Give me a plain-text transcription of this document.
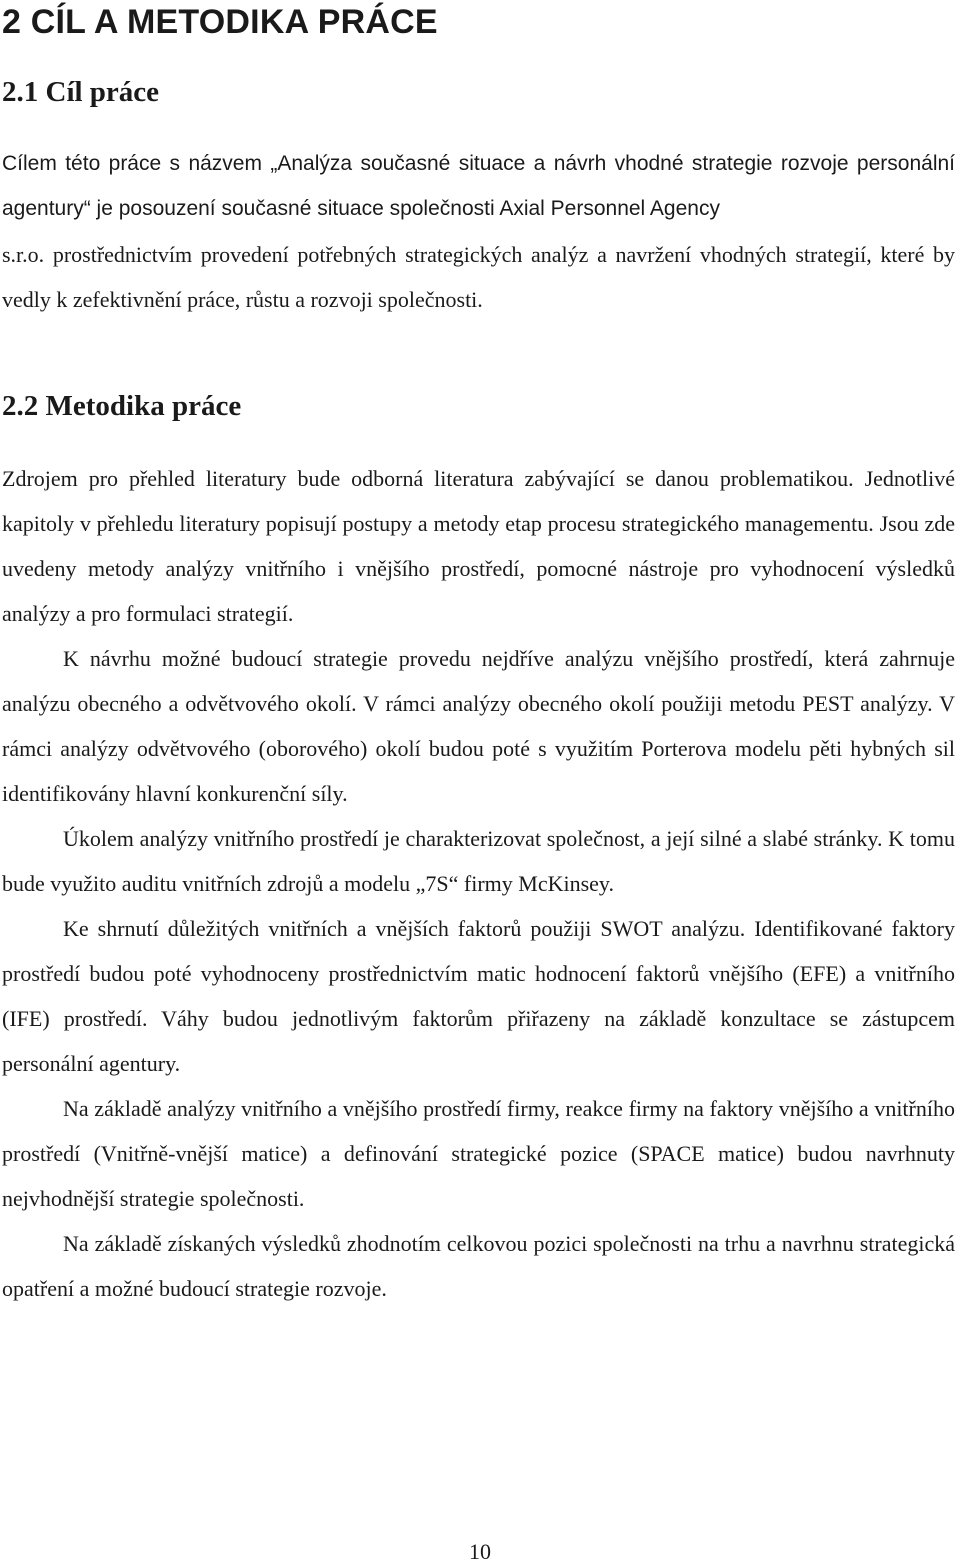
2 CÍL A METODIKA PRÁCE
2.1 Cíl práce

Cílem této práce s názvem „Analýza současné situace a návrh vhodné strategie rozvoje personální agentury“ je posouzení současné situace společnosti Axial Personnel Agency

s.r.o. prostřednictvím provedení potřebných strategických analýz a navržení vhodných strategií, které by vedly k zefektivnění práce, růstu a rozvoji společnosti.

2.2 Metodika práce

Zdrojem pro přehled literatury bude odborná literatura zabývající se danou problematikou. Jednotlivé kapitoly v přehledu literatury popisují postupy a metody etap procesu strategického managementu. Jsou zde uvedeny metody analýzy vnitřního i vnějšího prostředí, pomocné nástroje pro vyhodnocení výsledků analýzy a pro formulaci strategií.

K návrhu možné budoucí strategie provedu nejdříve analýzu vnějšího prostředí, která zahrnuje analýzu obecného a odvětvového okolí. V rámci analýzy obecného okolí použiji metodu PEST analýzy. V rámci analýzy odvětvového (oborového) okolí budou poté s využitím Porterova modelu pěti hybných sil identifikovány hlavní konkurenční síly.

Úkolem analýzy vnitřního prostředí je charakterizovat společnost, a její silné a slabé stránky. K tomu bude využito auditu vnitřních zdrojů a modelu „7S“ firmy McKinsey.

Ke shrnutí důležitých vnitřních a vnějších faktorů použiji SWOT analýzu. Identifikované faktory prostředí budou poté vyhodnoceny prostřednictvím matic hodnocení faktorů vnějšího (EFE) a vnitřního (IFE) prostředí. Váhy budou jednotlivým faktorům přiřazeny na základě konzultace se zástupcem personální agentury.

Na základě analýzy vnitřního a vnějšího prostředí firmy, reakce firmy na faktory vnějšího a vnitřního prostředí (Vnitřně-vnější matice) a definování strategické pozice (SPACE matice) budou navrhnuty nejvhodnější strategie společnosti.

Na základě získaných výsledků zhodnotím celkovou pozici společnosti na trhu a navrhnu strategická opatření a možné budoucí strategie rozvoje.

10
